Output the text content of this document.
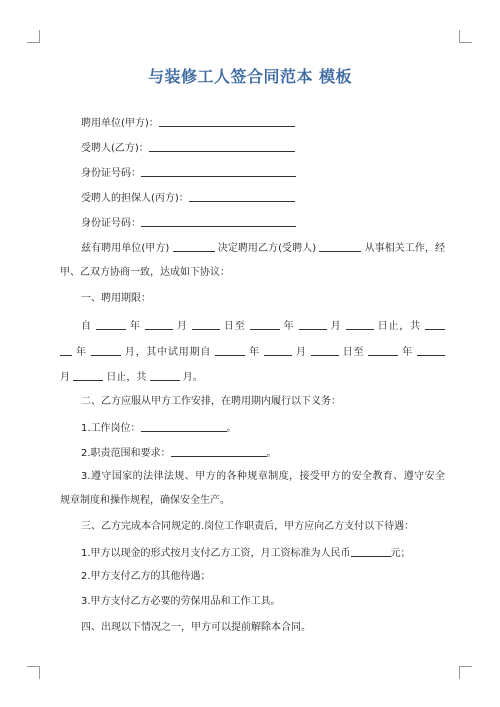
与装修工人签合同范本 模板

聘用单位(甲方)：

受聘人(乙方)：

身份证号码：

受聘人的担保人(丙方)：

身份证号码：

兹有聘用单位(甲方)	决定聘用乙方(受聘人)	从事相关工作，经

甲、乙双方协商一致，达成如下协议：

一、聘用期限：

自	年	月	日至	年	月	日止，共

年	月，其中试用期自	年	月	日至	年

月	日止，共	月。

二、乙方应服从甲方工作安排，在聘用期内履行以下义务：

1.工作岗位：	。

2.职责范围和要求：	。

3.遵守国家的法律法规、甲方的各种规章制度，接受甲方的安全教育、遵守安全

规章制度和操作规程，确保安全生产。

三、乙方完成本合同规定的.岗位工作职责后，甲方应向乙方支付以下待遇：

1.甲方以现金的形式按月支付乙方工资，月工资标准为人民币	元；

2.甲方支付乙方的其他待遇；

3.甲方支付乙方必要的劳保用品和工作工具。

四、出现以下情况之一，甲方可以提前解除本合同。
